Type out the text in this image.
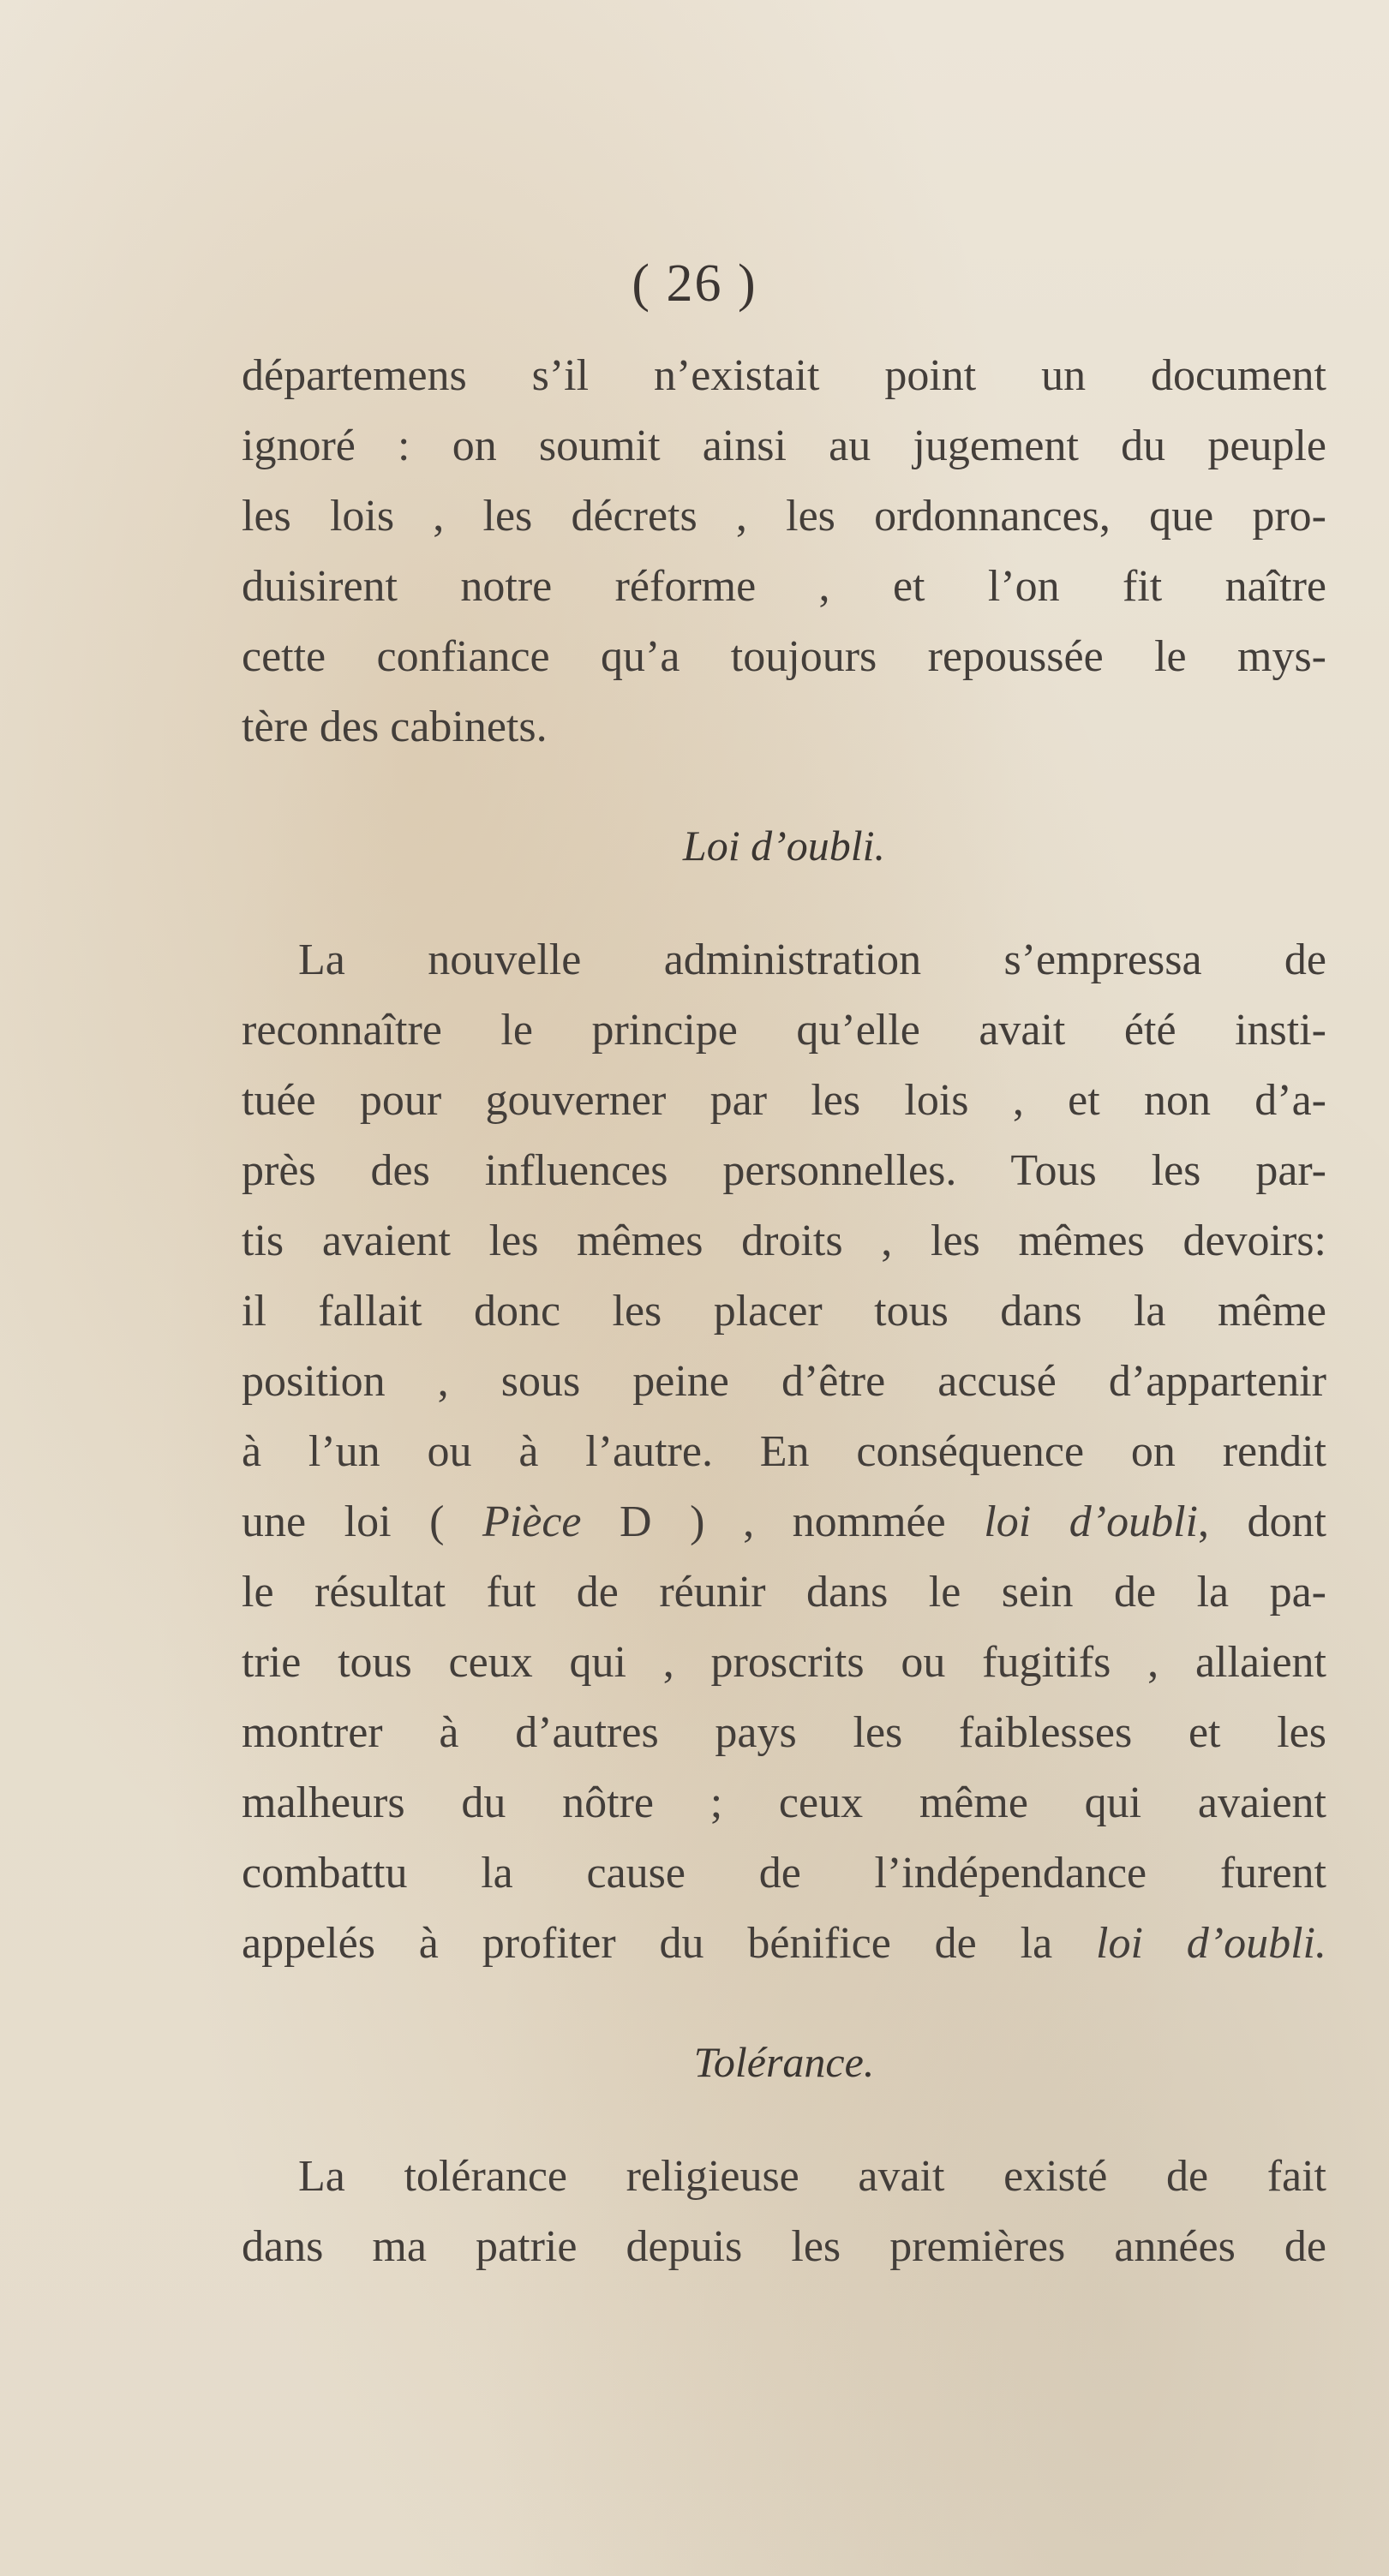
( 26 )
départemens s’il n’existait point un document
ignoré : on soumit ainsi au jugement du peuple
les lois , les décrets , les ordonnances, que pro-
duisirent notre réforme , et l’on fit naître
cette confiance qu’a toujours repoussée le mys-
tère des cabinets.
Loi d’oubli.
La nouvelle administration s’empressa de
reconnaître le principe qu’elle avait été insti-
tuée pour gouverner par les lois , et non d’a-
près des influences personnelles. Tous les par-
tis avaient les mêmes droits , les mêmes devoirs:
il fallait donc les placer tous dans la même
position , sous peine d’être accusé d’appartenir
à l’un ou à l’autre. En conséquence on rendit
une loi ( Pièce D ) , nommée loi d’oubli, dont
le résultat fut de réunir dans le sein de la pa-
trie tous ceux qui , proscrits ou fugitifs , allaient
montrer à d’autres pays les faiblesses et les
malheurs du nôtre ; ceux même qui avaient
combattu la cause de l’indépendance furent
appelés à profiter du bénifice de la loi d’oubli.
Tolérance.
La tolérance religieuse avait existé de fait
dans ma patrie depuis les premières années de
